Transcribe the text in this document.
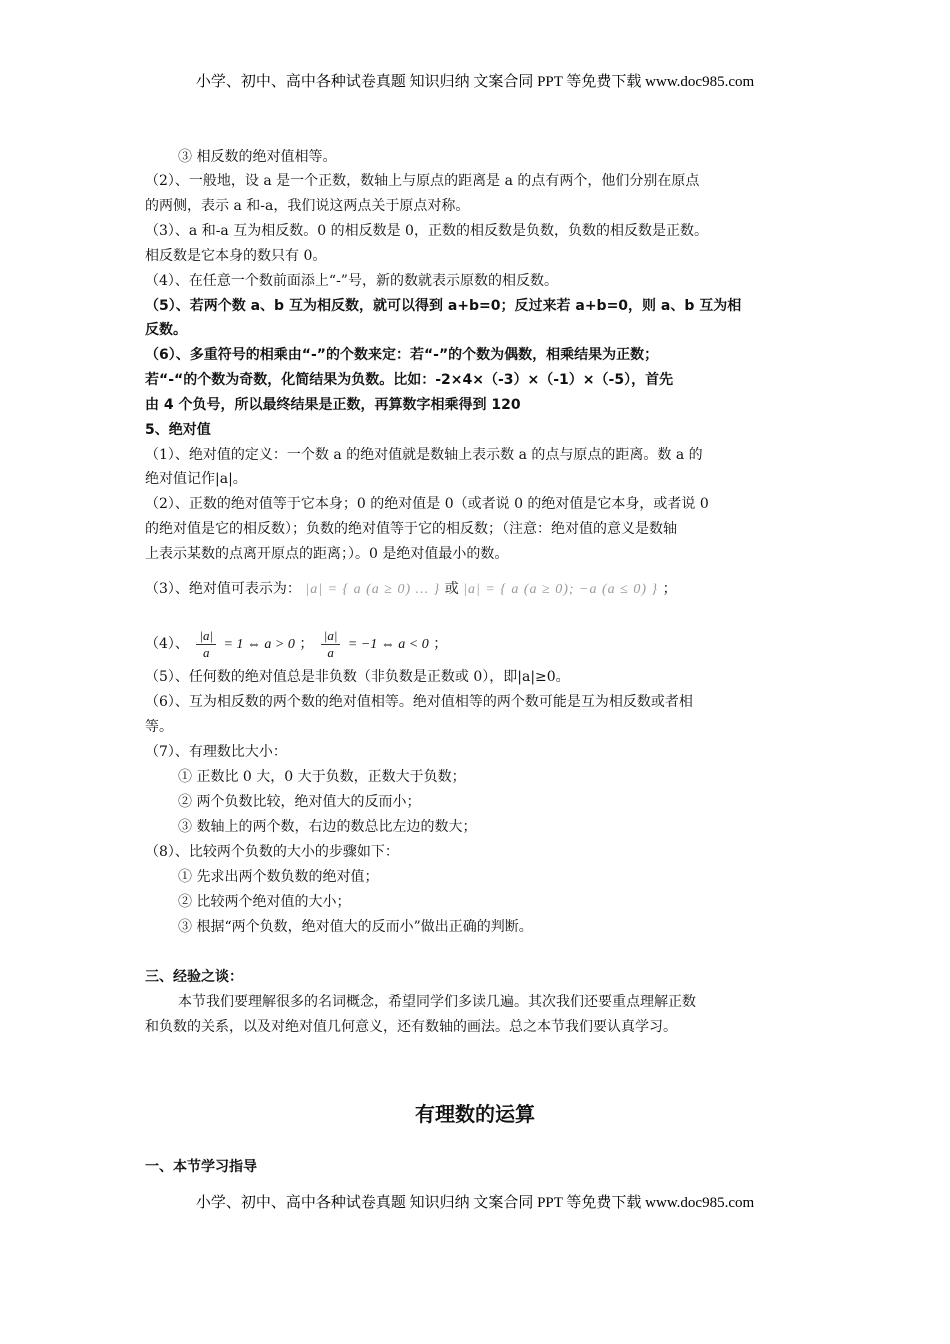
小学、初中、高中各种试卷真题 知识归纳 文案合同 PPT 等免费下载 www.doc985.com
③ 相反数的绝对值相等。
（2）、一般地，设 a 是一个正数，数轴上与原点的距离是 a 的点有两个，他们分别在原点
的两侧，表示 a 和-a，我们说这两点关于原点对称。
（3）、a 和-a 互为相反数。0 的相反数是 0，正数的相反数是负数，负数的相反数是正数。
相反数是它本身的数只有 0。
（4）、在任意一个数前面添上“-”号，新的数就表示原数的相反数。
（5）、若两个数 a、b 互为相反数，就可以得到 a+b=0；反过来若 a+b=0，则 a、b 互为相
反数。
（6）、多重符号的相乘由“-”的个数来定：若“-”的个数为偶数，相乘结果为正数；
若“-“的个数为奇数，化简结果为负数。比如：-2×4×（-3）×（-1）×（-5），首先
由 4 个负号，所以最终结果是正数，再算数字相乘得到 120
5、绝对值
（1）、绝对值的定义：一个数 a 的绝对值就是数轴上表示数 a 的点与原点的距离。数 a 的
绝对值记作|a|。
（2）、正数的绝对值等于它本身；0 的绝对值是 0（或者说 0 的绝对值是它本身，或者说 0
的绝对值是它的相反数）；负数的绝对值等于它的相反数；（注意：绝对值的意义是数轴
上表示某数的点离开原点的距离；）。0 是绝对值最小的数。
（3）、绝对值可表示为： |a| = { a (a ≥ 0) ... } 或 |a| = { a (a ≥ 0); −a (a ≤ 0) } ；
（4）、 $\frac{|a|}{a} = 1$ ⇔ a > 0 ； $\frac{|a|}{a} = -1$ ⇔ a < 0 ；
（5）、任何数的绝对值总是非负数（非负数是正数或 0），即|a|≥0。
（6）、互为相反数的两个数的绝对值相等。绝对值相等的两个数可能是互为相反数或者相
等。
（7）、有理数比大小：
① 正数比 0 大，0 大于负数，正数大于负数；
② 两个负数比较，绝对值大的反而小；
③ 数轴上的两个数，右边的数总比左边的数大；
（8）、比较两个负数的大小的步骤如下：
① 先求出两个数负数的绝对值；
② 比较两个绝对值的大小；
③ 根据“两个负数，绝对值大的反而小”做出正确的判断。
三、经验之谈：
本节我们要理解很多的名词概念，希望同学们多读几遍。其次我们还要重点理解正数
和负数的关系，以及对绝对值几何意义，还有数轴的画法。总之本节我们要认真学习。
有理数的运算
一、本节学习指导
小学、初中、高中各种试卷真题 知识归纳 文案合同 PPT 等免费下载 www.doc985.com
